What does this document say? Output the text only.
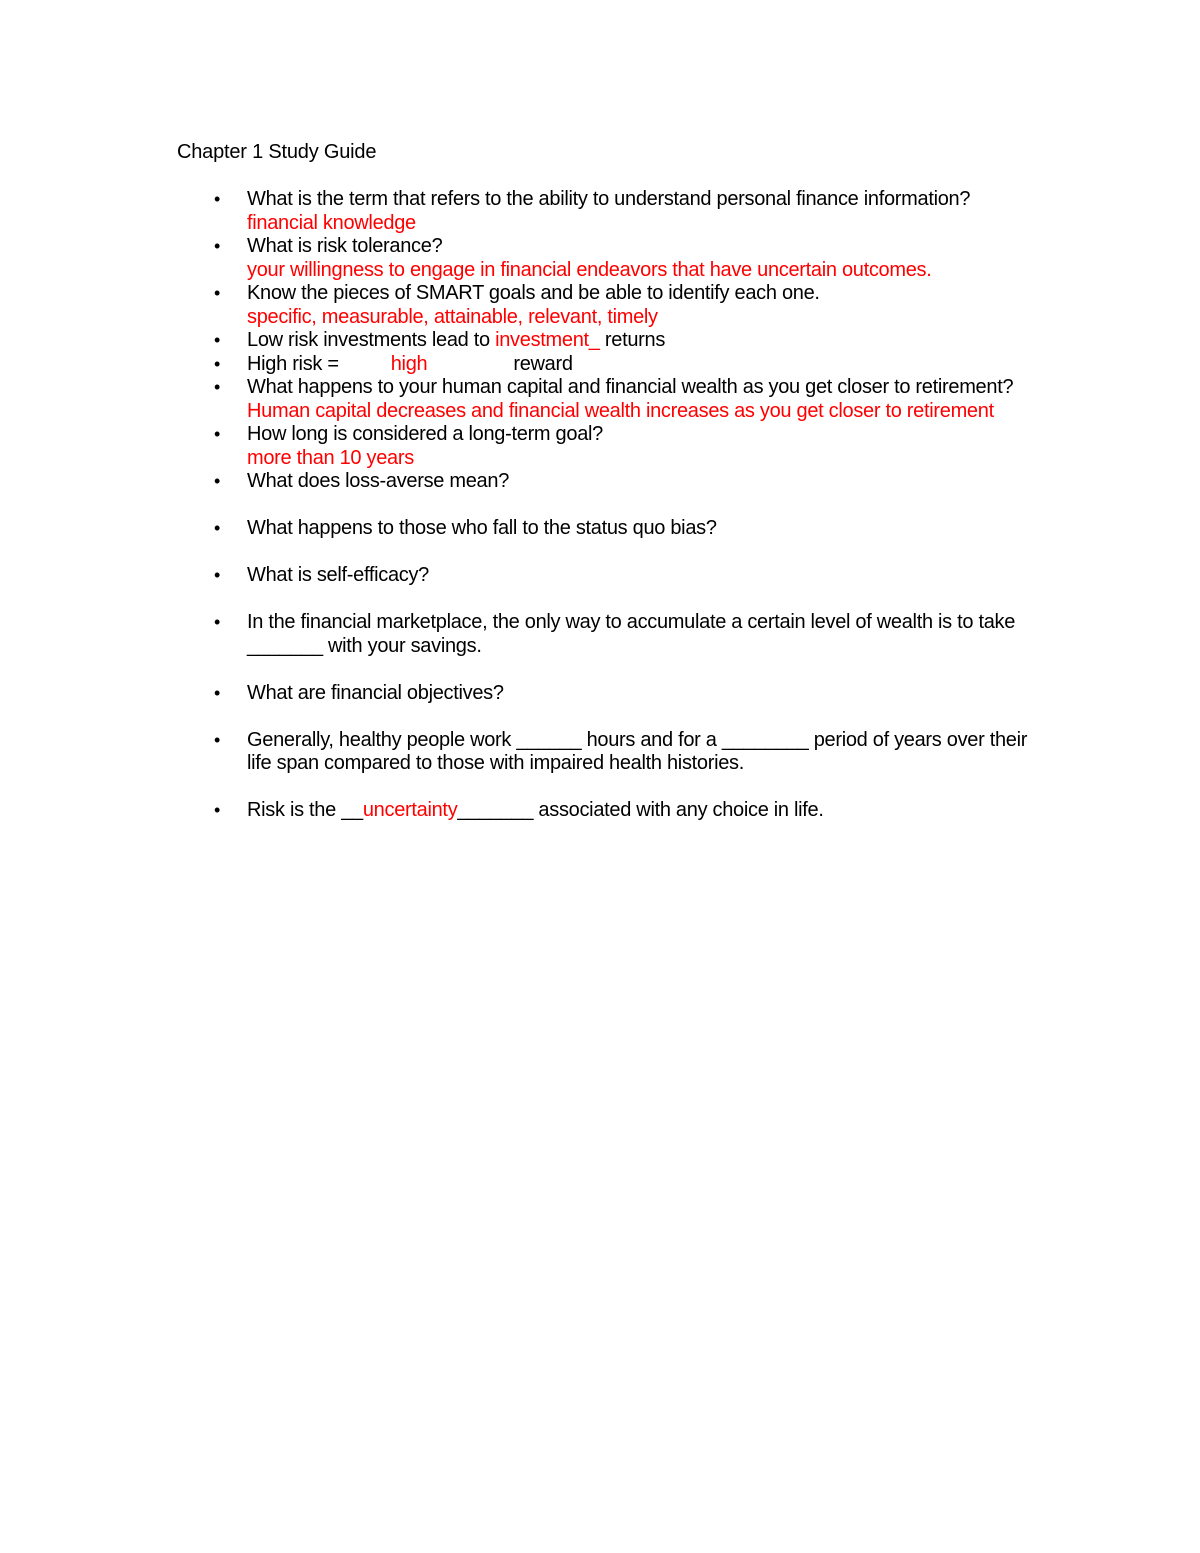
Chapter 1 Study Guide
• What is the term that refers to the ability to understand personal finance information?
financial knowledge
• What is risk tolerance?
your willingness to engage in financial endeavors that have uncertain outcomes.
• Know the pieces of SMART goals and be able to identify each one.
specific, measurable, attainable, relevant, timely
• Low risk investments lead to investment_ returns
• High risk =	high	reward
• What happens to your human capital and financial wealth as you get closer to retirement?
Human capital decreases and financial wealth increases as you get closer to retirement
• How long is considered a long-term goal?
more than 10 years
• What does loss-averse mean?
• What happens to those who fall to the status quo bias?
• What is self-efficacy?
• In the financial marketplace, the only way to accumulate a certain level of wealth is to take _______ with your savings.
• What are financial objectives?
• Generally, healthy people work ______ hours and for a ________ period of years over their life span compared to those with impaired health histories.
• Risk is the __uncertainty_______ associated with any choice in life.
